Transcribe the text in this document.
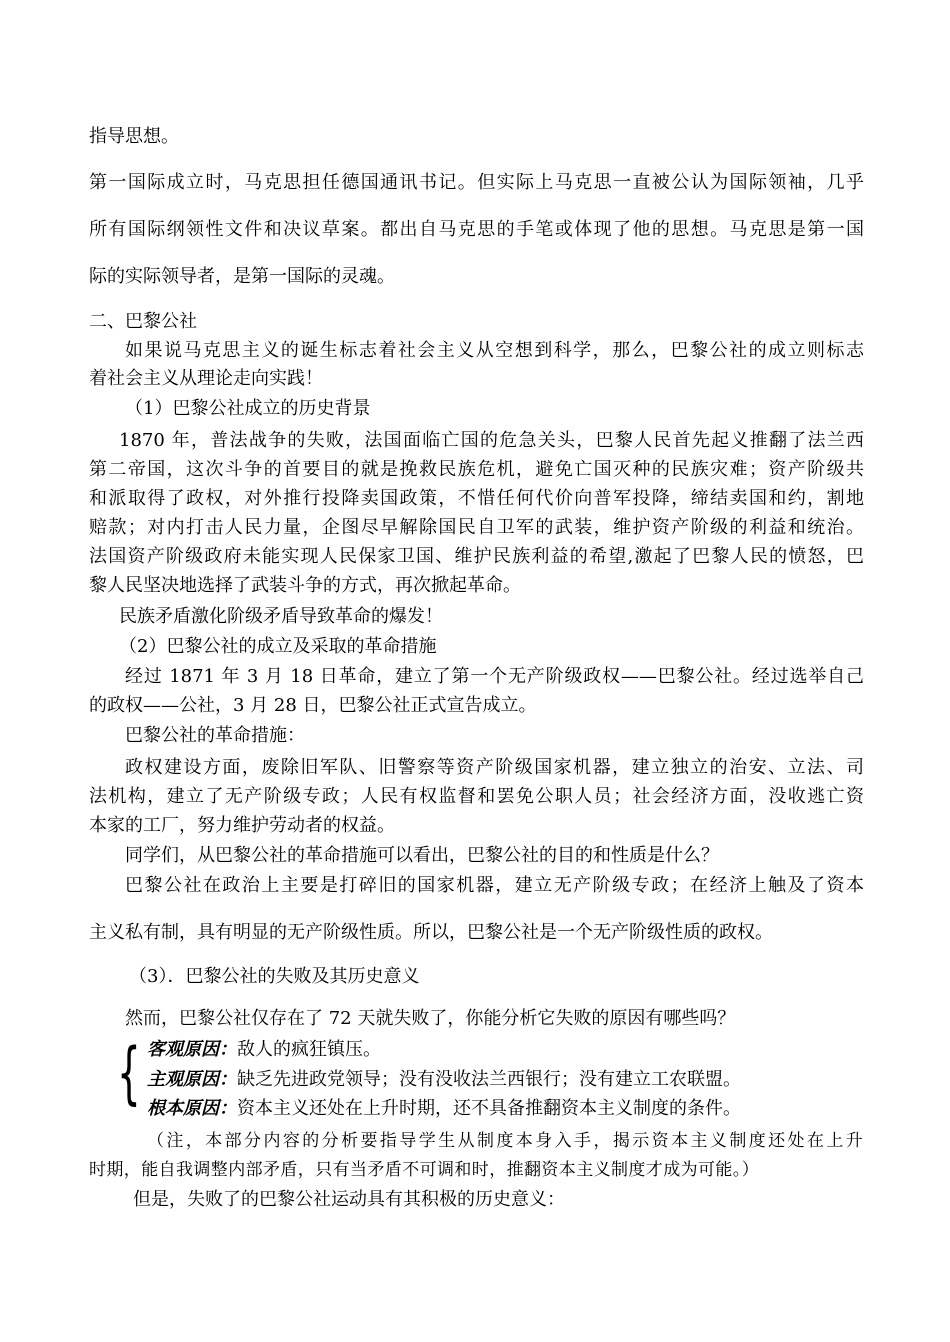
指导思想。
第一国际成立时，马克思担任德国通讯书记。但实际上马克思一直被公认为国际领袖，几乎
所有国际纲领性文件和决议草案。都出自马克思的手笔或体现了他的思想。马克思是第一国
际的实际领导者，是第一国际的灵魂。
二、巴黎公社
如果说马克思主义的诞生标志着社会主义从空想到科学，那么，巴黎公社的成立则标志
着社会主义从理论走向实践！
（1）巴黎公社成立的历史背景
1870 年，普法战争的失败，法国面临亡国的危急关头，巴黎人民首先起义推翻了法兰西
第二帝国，这次斗争的首要目的就是挽救民族危机，避免亡国灭种的民族灾难；资产阶级共
和派取得了政权，对外推行投降卖国政策，不惜任何代价向普军投降，缔结卖国和约，割地
赔款；对内打击人民力量，企图尽早解除国民自卫军的武装，维护资产阶级的利益和统治。
法国资产阶级政府未能实现人民保家卫国、维护民族利益的希望,激起了巴黎人民的愤怒，巴
黎人民坚决地选择了武装斗争的方式，再次掀起革命。
民族矛盾激化阶级矛盾导致革命的爆发！
（2）巴黎公社的成立及采取的革命措施
经过 1871 年 3 月 18 日革命，建立了第一个无产阶级政权——巴黎公社。经过选举自己
的政权——公社，3 月 28 日，巴黎公社正式宣告成立。
巴黎公社的革命措施：
政权建设方面，废除旧军队、旧警察等资产阶级国家机器，建立独立的治安、立法、司
法机构，建立了无产阶级专政；人民有权监督和罢免公职人员；社会经济方面，没收逃亡资
本家的工厂，努力维护劳动者的权益。
同学们，从巴黎公社的革命措施可以看出，巴黎公社的目的和性质是什么？
巴黎公社在政治上主要是打碎旧的国家机器，建立无产阶级专政；在经济上触及了资本
主义私有制，具有明显的无产阶级性质。所以，巴黎公社是一个无产阶级性质的政权。
（3）．巴黎公社的失败及其历史意义
然而，巴黎公社仅存在了 72 天就失败了，你能分析它失败的原因有哪些吗？
{ 客观原因：敌人的疯狂镇压。
主观原因：缺乏先进政党领导；没有没收法兰西银行；没有建立工农联盟。
根本原因：资本主义还处在上升时期，还不具备推翻资本主义制度的条件。
（注，本部分内容的分析要指导学生从制度本身入手，揭示资本主义制度还处在上升
时期，能自我调整内部矛盾，只有当矛盾不可调和时，推翻资本主义制度才成为可能。）
但是，失败了的巴黎公社运动具有其积极的历史意义：
